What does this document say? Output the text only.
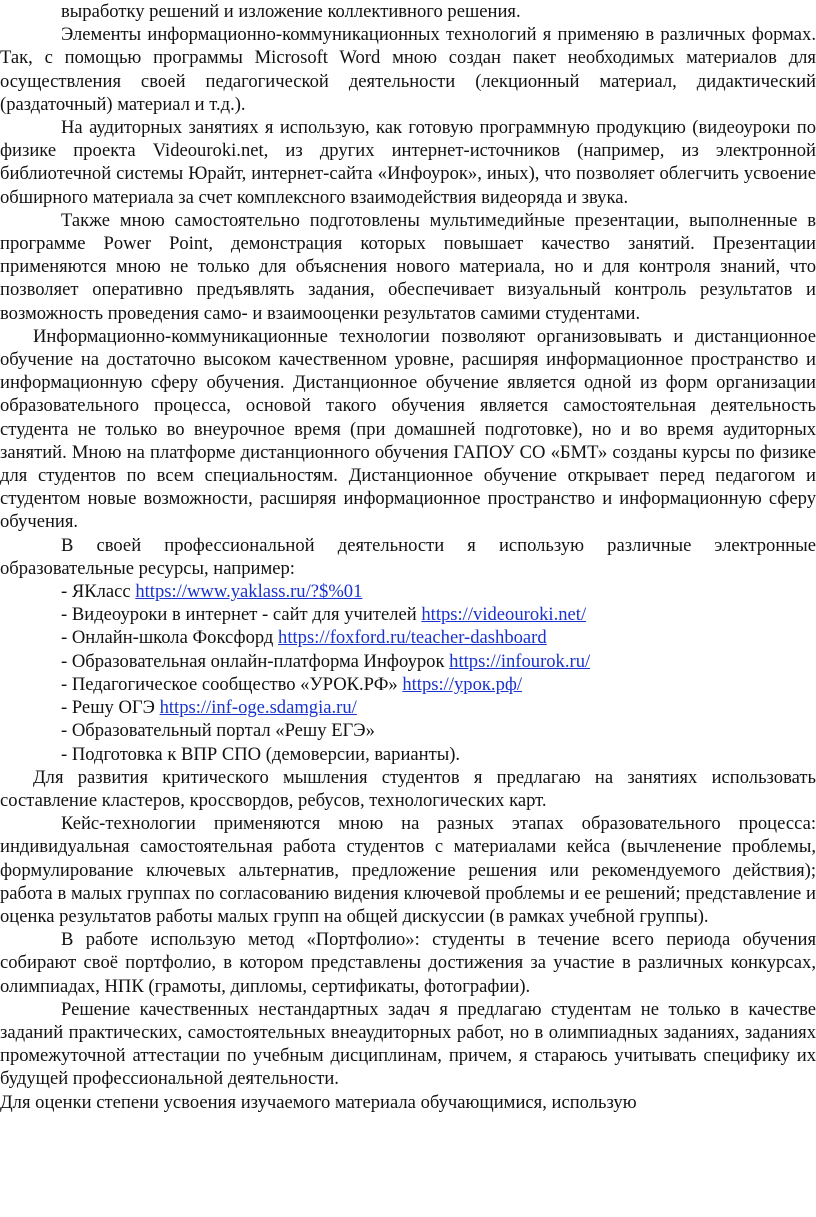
выработку решений и изложение коллективного решения.

Элементы информационно-коммуникационных технологий я применяю в различных формах. Так, с помощью программы Microsoft Word мною создан пакет необходимых материалов для осуществления своей педагогической деятельности (лекционный материал, дидактический (раздаточный) материал и т.д.).

На аудиторных занятиях я использую, как готовую программную продукцию (видеоуроки по физике проекта Videouroki.net, из других интернет-источников (например, из электронной библиотечной системы Юрайт, интернет-сайта «Инфоурок», иных), что позволяет облегчить усвоение обширного материала за счет комплексного взаимодействия видеоряда и звука.

Также мною самостоятельно подготовлены мультимедийные презентации, выполненные в программе Power Point, демонстрация которых повышает качество занятий. Презентации применяются мною не только для объяснения нового материала, но и для контроля знаний, что позволяет оперативно предъявлять задания, обеспечивает визуальный контроль результатов и возможность проведения само- и взаимооценки результатов самими студентами.

Информационно-коммуникационные технологии позволяют организовывать и дистанционное обучение на достаточно высоком качественном уровне, расширяя информационное пространство и информационную сферу обучения. Дистанционное обучение является одной из форм организации образовательного процесса, основой такого обучения является самостоятельная деятельность студента не только во внеурочное время (при домашней подготовке), но и во время аудиторных занятий. Мною на платформе дистанционного обучения ГАПОУ СО «БМТ» созданы курсы по физике для студентов по всем специальностям. Дистанционное обучение открывает перед педагогом и студентом новые возможности, расширяя информационное пространство и информационную сферу обучения.

В своей профессиональной деятельности я использую различные электронные образовательные ресурсы, например:

- ЯКласс https://www.yaklass.ru/?$%01

- Видеоуроки в интернет - сайт для учителей https://videouroki.net/

- Онлайн-школа Фоксфорд https://foxford.ru/teacher-dashboard

- Образовательная онлайн-платформа Инфоурок https://infourok.ru/

- Педагогическое сообщество «УРОК.РФ» https://урок.рф/

- Решу ОГЭ https://inf-oge.sdamgia.ru/

- Образовательный портал «Решу ЕГЭ»

- Подготовка к ВПР СПО (демоверсии, варианты).

Для развития критического мышления студентов я предлагаю на занятиях использовать составление кластеров, кроссвордов, ребусов, технологических карт.

Кейс-технологии применяются мною на разных этапах образовательного процесса: индивидуальная самостоятельная работа студентов с материалами кейса (вычленение проблемы, формулирование ключевых альтернатив, предложение решения или рекомендуемого действия); работа в малых группах по согласованию видения ключевой проблемы и ее решений; представление и оценка результатов работы малых групп на общей дискуссии (в рамках учебной группы).

В работе использую метод «Портфолио»: студенты в течение всего периода обучения собирают своё портфолио, в котором представлены достижения за участие в различных конкурсах, олимпиадах, НПК (грамоты, дипломы, сертификаты, фотографии).

Решение качественных нестандартных задач я предлагаю студентам не только в качестве заданий практических, самостоятельных внеаудиторных работ, но в олимпиадных заданиях, заданиях промежуточной аттестации по учебным дисциплинам, причем, я стараюсь учитывать специфику их будущей профессиональной деятельности.

Для оценки степени усвоения изучаемого материала обучающимися, использую
